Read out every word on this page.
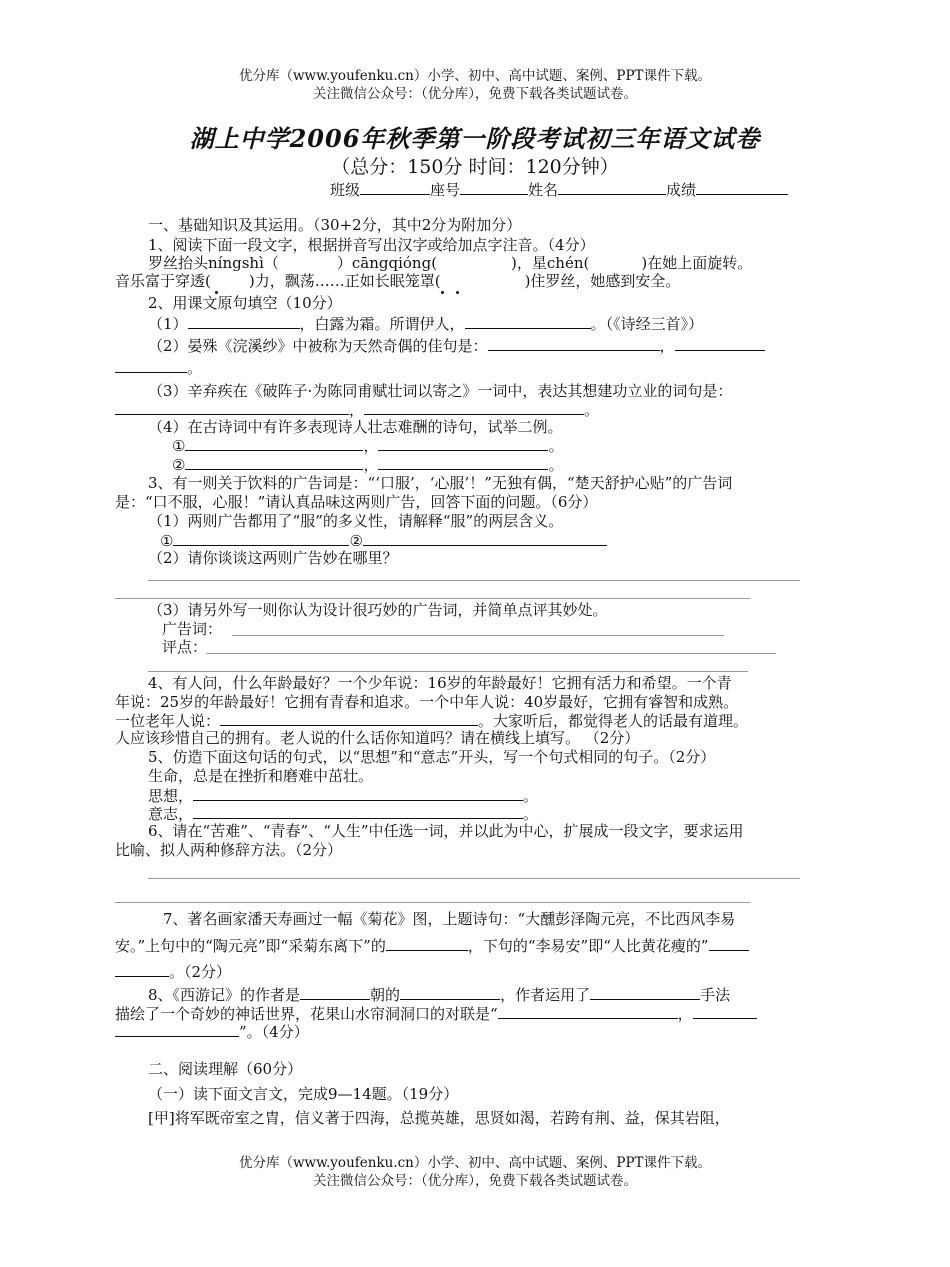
优分库（www.youfenku.cn）小学、初中、高中试题、案例、PPT课件下载。
关注微信公众号：（优分库），免费下载各类试题试卷。
湖上中学2006年秋季第一阶段考试初三年语文试卷
（总分：150分 时间：120分钟）
班级	座号	姓名	成绩
一、基础知识及其运用。（30+2分，其中2分为附加分）
1、阅读下面一段文字，根据拼音写出汉字或给加点字注音。（4分）
罗丝抬头níngshì（	）cāngqióng(	)，星chén(	)在她上面旋转。
音乐富于穿透(	)力，飘荡……正如长眠笼罩(	)住罗丝，她感到安全。
2、用课文原句填空（10分）
（1）	，白露为霜。所谓伊人，	。（《诗经三首》）
（2）晏殊《浣溪纱》中被称为天然奇偶的佳句是：	，
。
（3）辛弃疾在《破阵子·为陈同甫赋壮词以寄之》一词中，表达其想建功立业的词句是：
，	。
（4）在古诗词中有许多表现诗人壮志难酬的诗句，试举二例。
①	，	。
②	，	。
3、有一则关于饮料的广告词是：“‘口服’，‘心服’！”无独有偶，“楚天舒护心贴”的广告词
是：“口不服，心服！”请认真品味这两则广告，回答下面的问题。（6分）
（1）两则广告都用了“服”的多义性，请解释“服”的两层含义。
①	②
（2）请你谈谈这两则广告妙在哪里？
（3）请另外写一则你认为设计很巧妙的广告词，并简单点评其妙处。
广告词：
评点：
4、有人问，什么年龄最好？一个少年说：16岁的年龄最好！它拥有活力和希望。一个青
年说：25岁的年龄最好！它拥有青春和追求。一个中年人说：40岁最好，它拥有睿智和成熟。
一位老年人说：	。大家听后，都觉得老人的话最有道理。
人应该珍惜自己的拥有。老人说的什么话你知道吗？请在横线上填写。 （2分）
5、仿造下面这句话的句式，以“思想”和“意志”开头，写一个句式相同的句子。（2分）
生命，总是在挫折和磨难中茁壮。
思想，	。
意志，	。
6、请在“苦难”、“青春”、“人生”中任选一词，并以此为中心，扩展成一段文字，要求运用
比喻、拟人两种修辞方法。（2分）
7、著名画家潘天寿画过一幅《菊花》图，上题诗句：“大醺彭泽陶元亮，不比西风李易
安。”上句中的“陶元亮”即“采菊东离下”的	，下句的“李易安”即“人比黄花瘦的”
。（2分）
8、《西游记》的作者是	朝的	，作者运用了	手法
描绘了一个奇妙的神话世界，花果山水帘洞洞口的对联是“	，
”。（4分）
二、阅读理解（60分）
（一）读下面文言文，完成9—14题。（19分）
[甲]将军既帝室之胄，信义著于四海，总揽英雄，思贤如渴，若跨有荆、益，保其岩阻，
优分库（www.youfenku.cn）小学、初中、高中试题、案例、PPT课件下载。
关注微信公众号：（优分库），免费下载各类试题试卷。
